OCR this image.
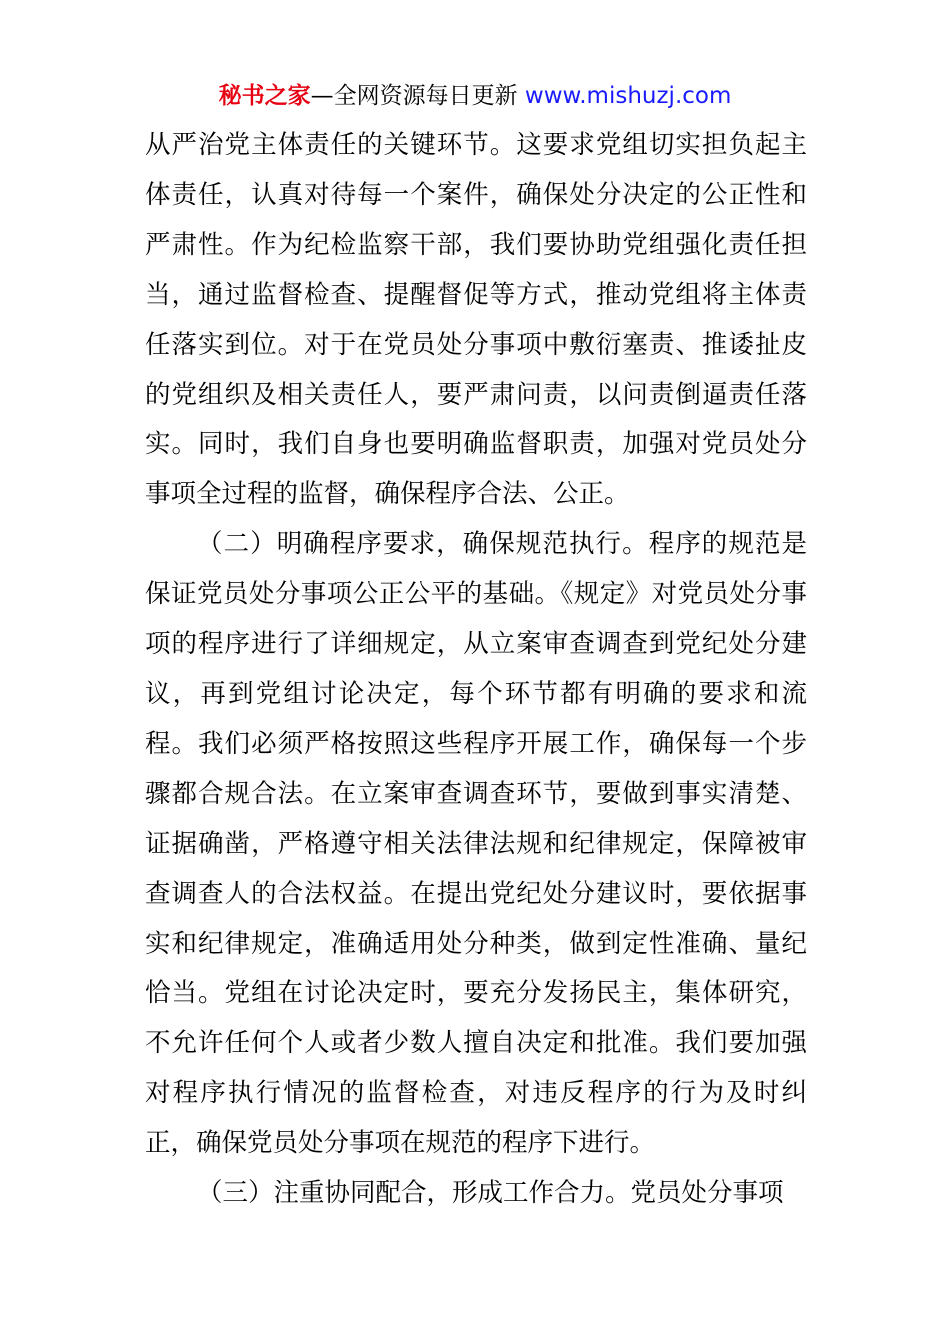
秘书之家—全网资源每日更新 www.mishuzj.com

从严治党主体责任的关键环节。这要求党组切实担负起主体责任，认真对待每一个案件，确保处分决定的公正性和严肃性。作为纪检监察干部，我们要协助党组强化责任担当，通过监督检查、提醒督促等方式，推动党组将主体责任落实到位。对于在党员处分事项中敷衍塞责、推诿扯皮的党组织及相关责任人，要严肃问责，以问责倒逼责任落实。同时，我们自身也要明确监督职责，加强对党员处分事项全过程的监督，确保程序合法、公正。

（二）明确程序要求，确保规范执行。程序的规范是保证党员处分事项公正公平的基础。《规定》对党员处分事项的程序进行了详细规定，从立案审查调查到党纪处分建议，再到党组讨论决定，每个环节都有明确的要求和流程。我们必须严格按照这些程序开展工作，确保每一个步骤都合规合法。在立案审查调查环节，要做到事实清楚、证据确凿，严格遵守相关法律法规和纪律规定，保障被审查调查人的合法权益。在提出党纪处分建议时，要依据事实和纪律规定，准确适用处分种类，做到定性准确、量纪恰当。党组在讨论决定时，要充分发扬民主，集体研究，不允许任何个人或者少数人擅自决定和批准。我们要加强对程序执行情况的监督检查，对违反程序的行为及时纠正，确保党员处分事项在规范的程序下进行。

（三）注重协同配合，形成工作合力。党员处分事项
